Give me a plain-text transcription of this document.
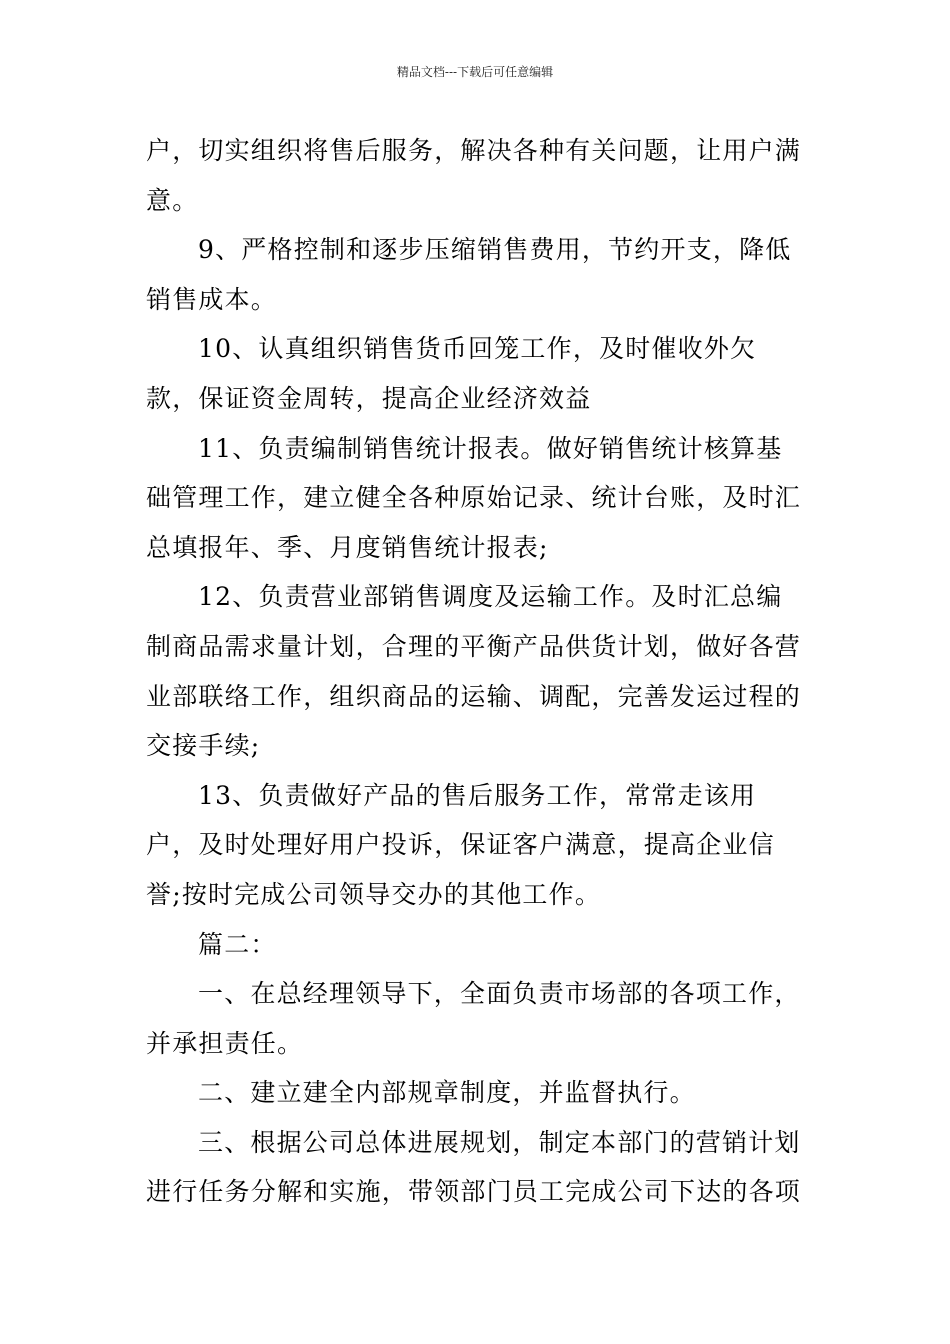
精品文档---下载后可任意编辑

户，切实组织将售后服务，解决各种有关问题，让用户满意。

9、严格控制和逐步压缩销售费用，节约开支，降低销售成本。

10、认真组织销售货币回笼工作，及时催收外欠款，保证资金周转，提高企业经济效益

11、负责编制销售统计报表。做好销售统计核算基础管理工作，建立健全各种原始记录、统计台账，及时汇总填报年、季、月度销售统计报表;

12、负责营业部销售调度及运输工作。及时汇总编制商品需求量计划，合理的平衡产品供货计划，做好各营业部联络工作，组织商品的运输、调配，完善发运过程的交接手续;

13、负责做好产品的售后服务工作，常常走该用户，及时处理好用户投诉，保证客户满意，提高企业信誉;按时完成公司领导交办的其他工作。

篇二：

一、在总经理领导下，全面负责市场部的各项工作，并承担责任。

二、建立建全内部规章制度，并监督执行。

三、根据公司总体进展规划，制定本部门的营销计划进行任务分解和实施，带领部门员工完成公司下达的各项
